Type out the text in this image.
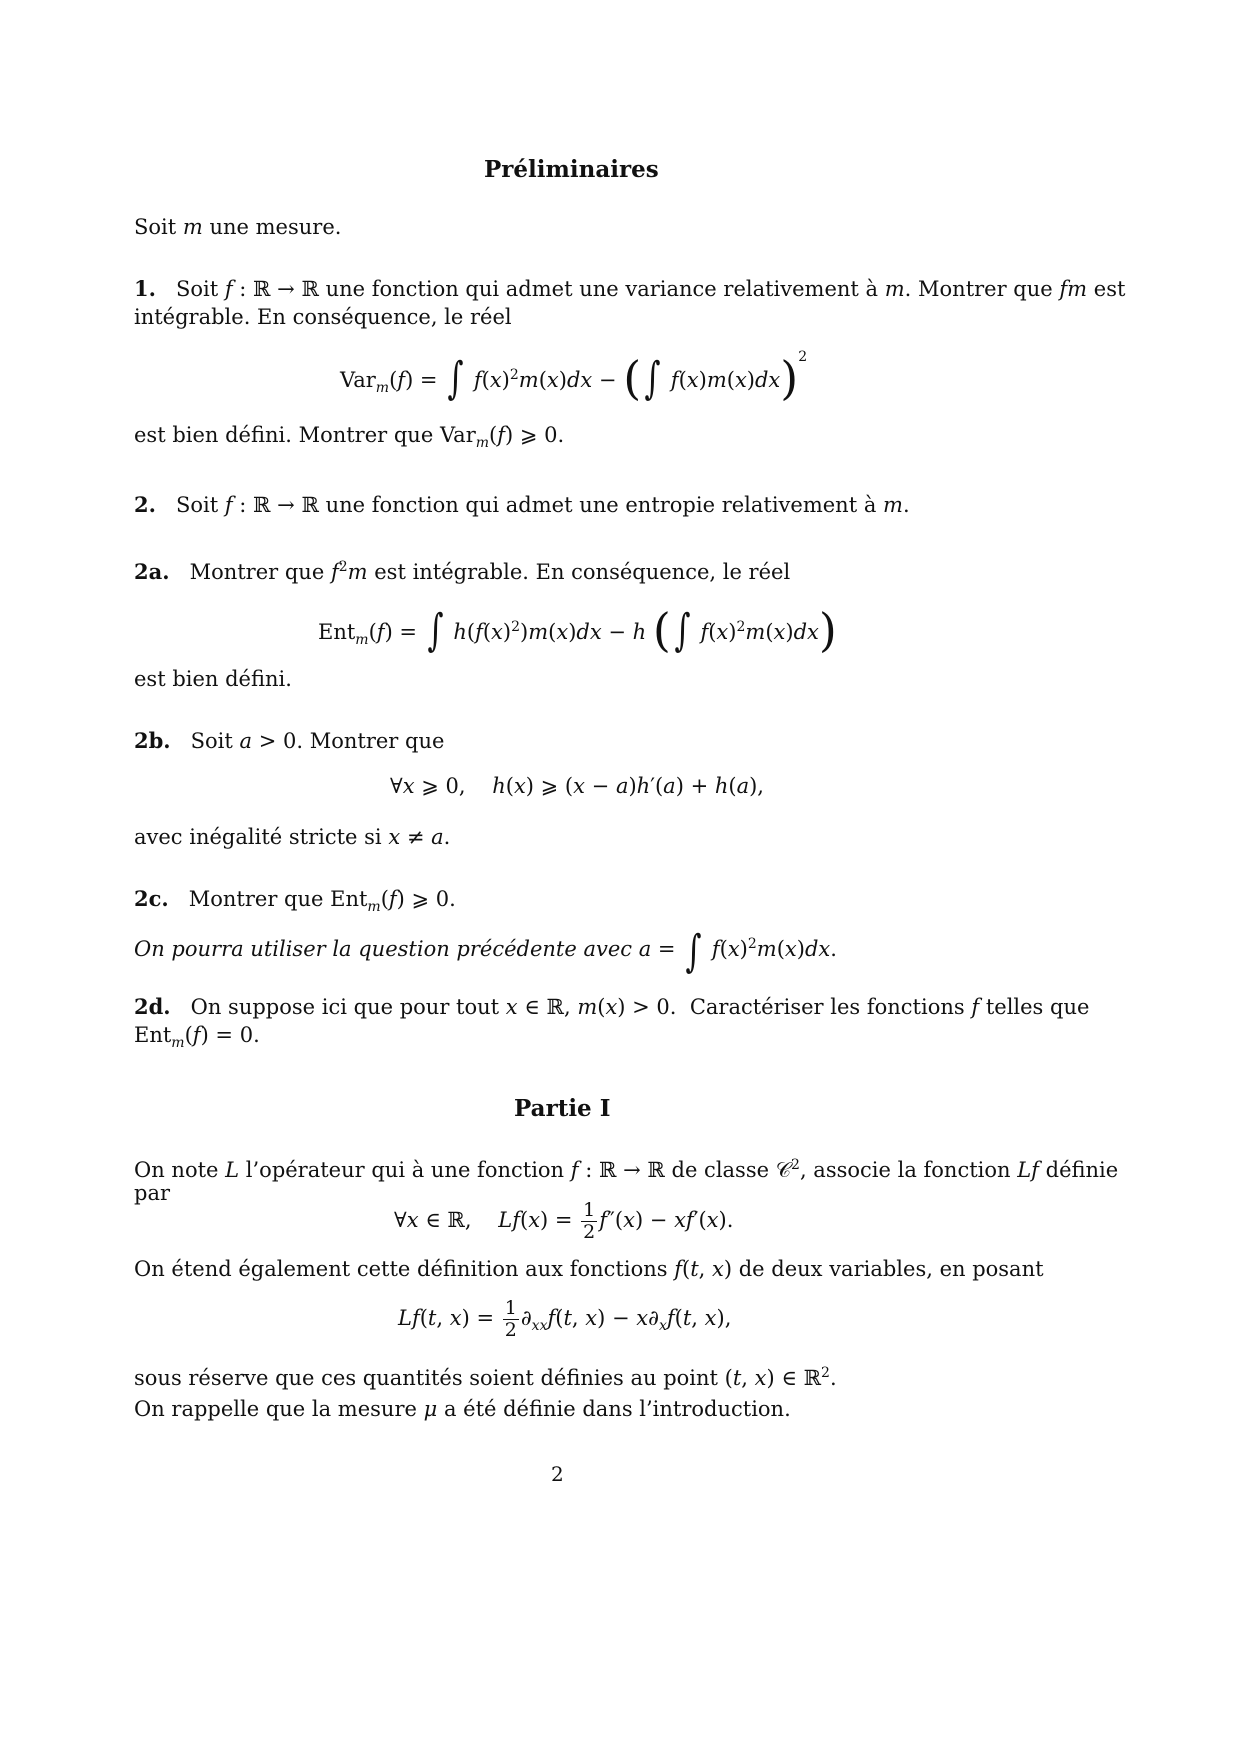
Préliminaires
Soit m une mesure.
1. Soit f : ℝ → ℝ une fonction qui admet une variance relativement à m. Montrer que fm est
intégrable. En conséquence, le réel
Var$_m$(f) = ∫ $f(x)^2m(x)dx$ − (∫ f(x)m(x)dx)$^2$
est bien défini. Montrer que Var$_m$(f) ⩾ 0.
2. Soit f : ℝ → ℝ une fonction qui admet une entropie relativement à m.
2a. Montrer que $f^2m$ est intégrable. En conséquence, le réel
Ent$_m$(f) = ∫ $h(f(x)^2)m(x)dx - h$ (∫ $f(x)^2m(x)dx$)
est bien défini.
2b. Soit a > 0. Montrer que
∀x ⩾ 0,    h(x) ⩾ (x − a)h′(a) + h(a),
avec inégalité stricte si x ≠ a.
2c. Montrer que Ent$_m$(f) ⩾ 0.
On pourra utiliser la question précédente avec a = ∫ $f(x)^2m(x)dx$.
2d. On suppose ici que pour tout x ∈ ℝ, m(x) > 0.  Caractériser les fonctions f telles que
Ent$_m$(f) = 0.
Partie I
On note L l’opérateur qui à une fonction f : ℝ → ℝ de classe 𝒞$^2$, associe la fonction Lf définie
par
∀x ∈ ℝ,    $Lf(x) = \frac{1}{2} f''(x) - xf'(x)$.
On étend également cette définition aux fonctions f(t, x) de deux variables, en posant
Lf(t, $x) = \frac{1}{2} \partial_{xx}f(t$, $x) - x\partial_xf(t$, x),
sous réserve que ces quantités soient définies au point (t, x) ∈ ℝ$^2$.
On rappelle que la mesure μ a été définie dans l’introduction.
2
